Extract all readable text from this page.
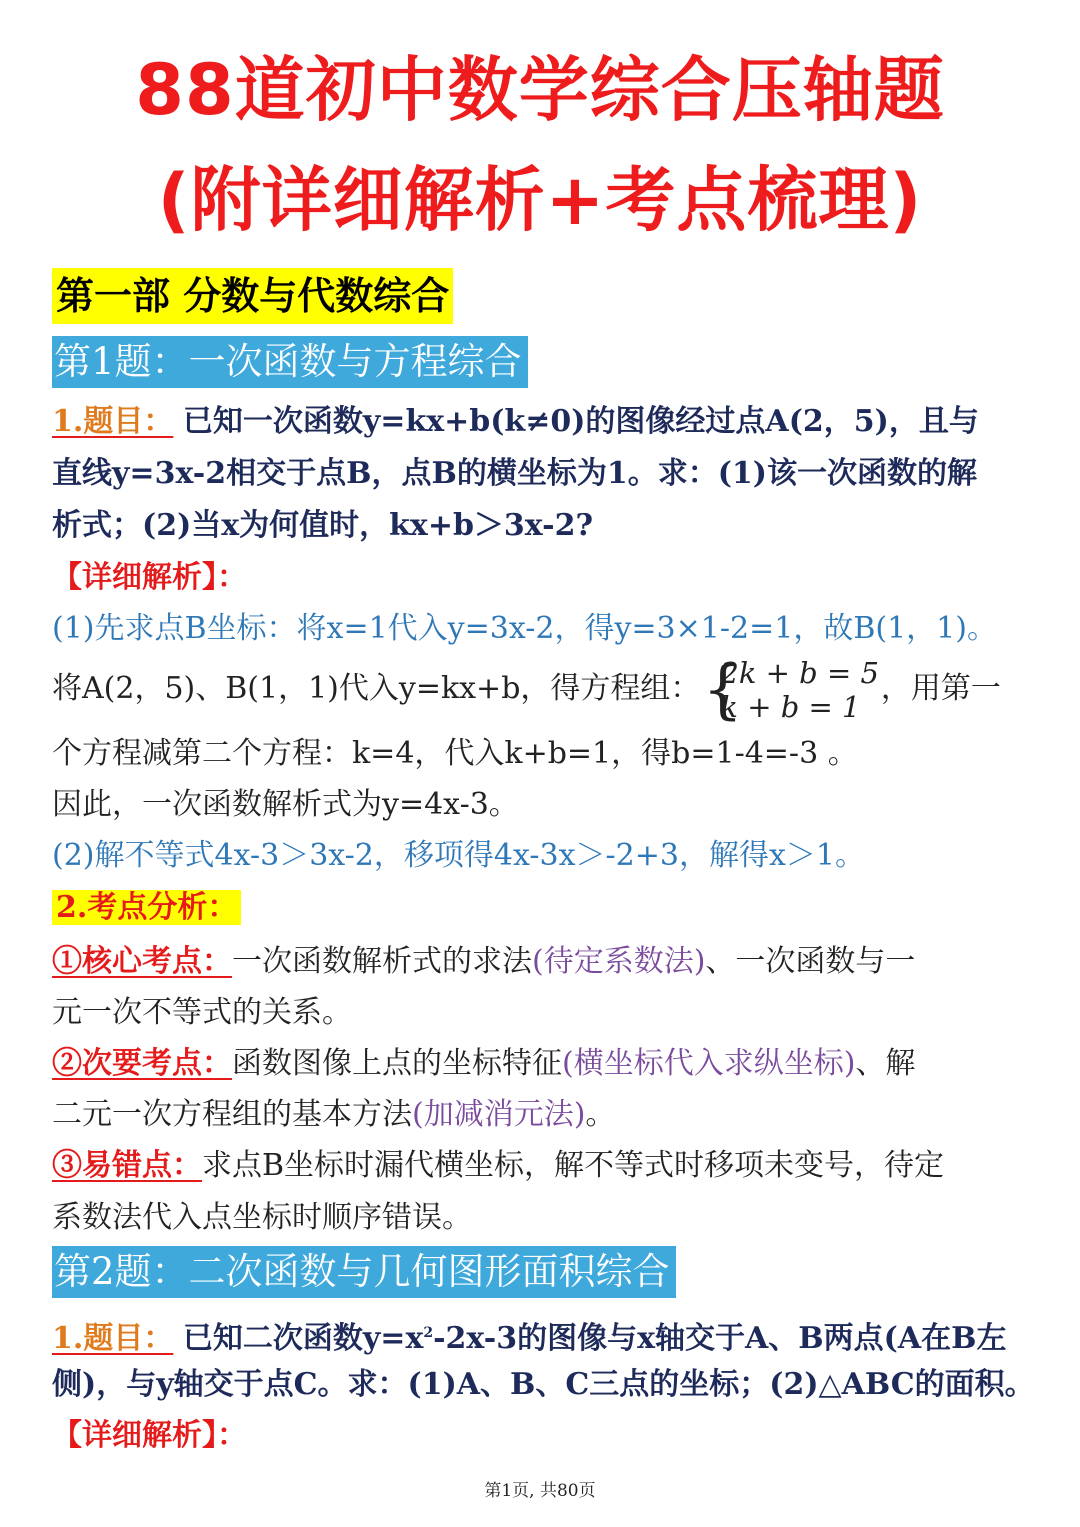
88道初中数学综合压轴题
(附详细解析+考点梳理)
第一部 分数与代数综合
第1题：一次函数与方程综合
1.题目： 已知一次函数y=kx+b(k≠0)的图像经过点A(2，5)，且与
直线y=3x-2相交于点B，点B的横坐标为1。求：(1)该一次函数的解
析式；(2)当x为何值时，kx+b＞3x-2?
【详细解析】：
(1)先求点B坐标：将x=1代入y=3x-2，得y=3×1-2=1，故B(1，1)。
将A(2，5)、B(1，1)代入y=kx+b，得方程组： {
2k + b = 5
k + b = 1
，用第一
个方程减第二个方程：k=4，代入k+b=1，得b=1-4=-3 。
因此，一次函数解析式为y=4x-3。
(2)解不等式4x-3＞3x-2，移项得4x-3x＞-2+3，解得x＞1。
2.考点分析：
①核心考点：一次函数解析式的求法(待定系数法)、一次函数与一
元一次不等式的关系。
②次要考点：函数图像上点的坐标特征(横坐标代入求纵坐标)、解
二元一次方程组的基本方法(加减消元法)。
③易错点：求点B坐标时漏代横坐标，解不等式时移项未变号，待定
系数法代入点坐标时顺序错误。
第2题：二次函数与几何图形面积综合
1.题目： 已知二次函数$y=x^2-2x-3$的图像与x轴交于A、B两点(A在B左
侧)，与y轴交于点C。求：(1)A、B、C三点的坐标；(2)△ABC的面积。
【详细解析】：
第1页, 共80页
